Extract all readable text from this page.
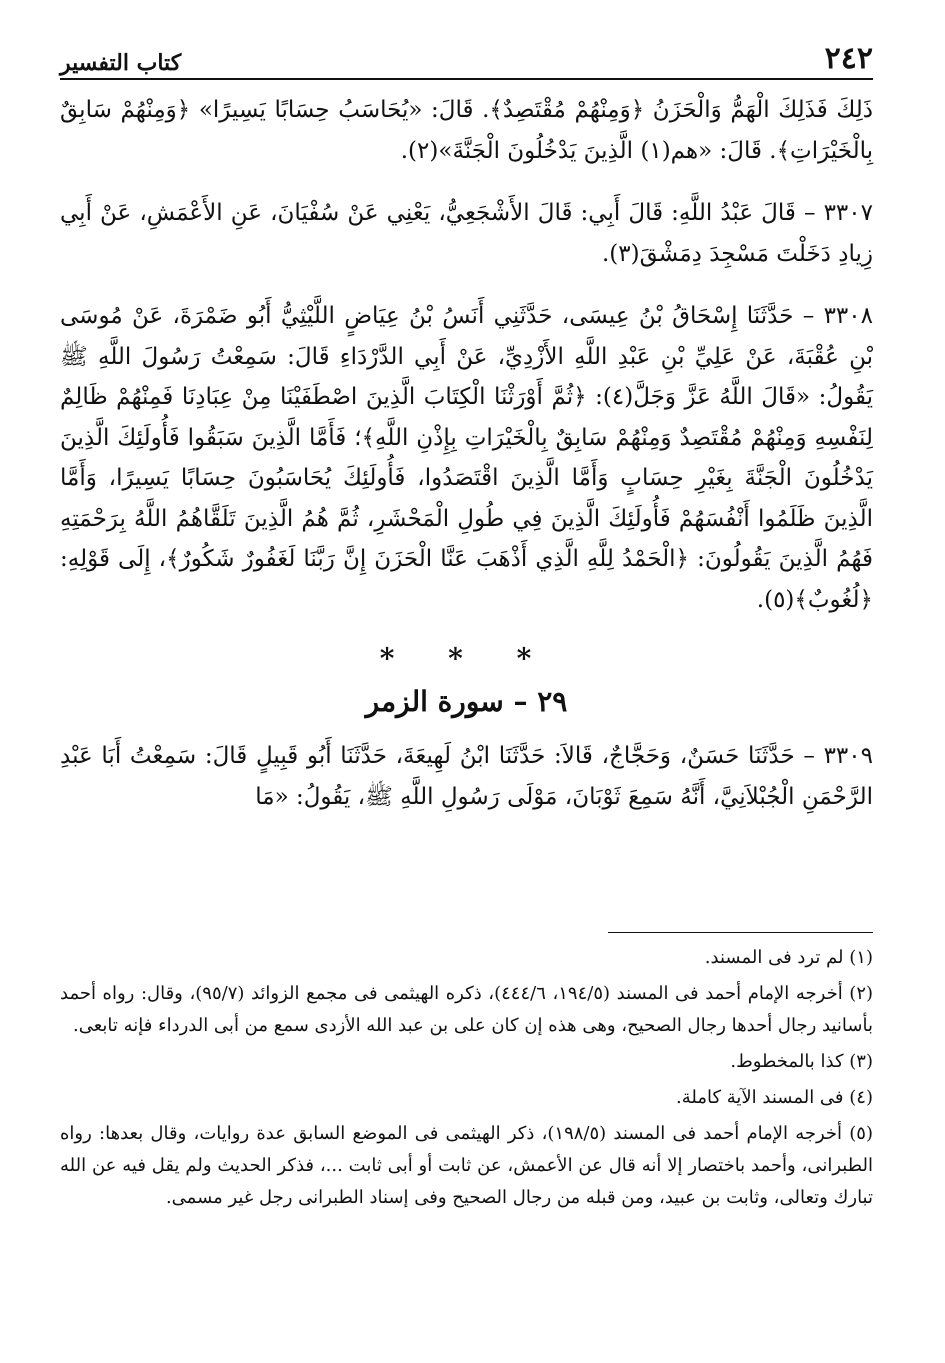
٢٤٢
كتاب التفسير

ذَلِكَ فَذَلِكَ الْهَمُّ وَالْحَزَنُ ﴿وَمِنْهُمْ مُقْتَصِدٌ﴾. قَالَ: «يُحَاسَبُ حِسَابًا يَسِيرًا» ﴿وَمِنْهُمْ سَابِقٌ بِالْخَيْرَاتِ﴾. قَالَ: «هم(١) الَّذِينَ يَدْخُلُونَ الْجَنَّةَ»(٢).

٣٣٠٧ – قَالَ عَبْدُ اللَّهِ: قَالَ أَبِي: قَالَ الأَشْجَعِيُّ، يَعْنِي عَنْ سُفْيَانَ، عَنِ الأَعْمَشِ، عَنْ أَبِي زِيادِ دَخَلْتَ مَسْجِدَ دِمَشْقَ(٣).

٣٣٠٨ – حَدَّثَنَا إِسْحَاقُ بْنُ عِيسَى، حَدَّثَنِي أَنَسُ بْنُ عِيَاضٍ اللَّيْثِيُّ أَبُو ضَمْرَةَ، عَنْ مُوسَى بْنِ عُقْبَةَ، عَنْ عَلِيِّ بْنِ عَبْدِ اللَّهِ الأَزْدِيِّ، عَنْ أَبِي الدَّرْدَاءِ قَالَ: سَمِعْتُ رَسُولَ اللَّهِ ﷺ يَقُولُ: «قَالَ اللَّهُ عَزَّ وَجَلَّ(٤): ﴿ثُمَّ أَوْرَثْنَا الْكِتَابَ الَّذِينَ اصْطَفَيْنَا مِنْ عِبَادِنَا فَمِنْهُمْ ظَالِمٌ لِنَفْسِهِ وَمِنْهُمْ مُقْتَصِدٌ وَمِنْهُمْ سَابِقٌ بِالْخَيْرَاتِ بِإِذْنِ اللَّهِ﴾؛ فَأَمَّا الَّذِينَ سَبَقُوا فَأُولَئِكَ الَّذِينَ يَدْخُلُونَ الْجَنَّةَ بِغَيْرِ حِسَابٍ وَأَمَّا الَّذِينَ اقْتَصَدُوا، فَأُولَئِكَ يُحَاسَبُونَ حِسَابًا يَسِيرًا، وَأَمَّا الَّذِينَ ظَلَمُوا أَنْفُسَهُمْ فَأُولَئِكَ الَّذِينَ فِي طُولِ الْمَحْشَرِ، ثُمَّ هُمُ الَّذِينَ تَلَقَّاهُمُ اللَّهُ بِرَحْمَتِهِ فَهُمُ الَّذِينَ يَقُولُونَ: ﴿الْحَمْدُ لِلَّهِ الَّذِي أَذْهَبَ عَنَّا الْحَزَنَ إِنَّ رَبَّنَا لَغَفُورٌ شَكُورٌ﴾، إِلَى قَوْلِهِ: ﴿لُغُوبٌ﴾(٥).

* * *
٢٩ – سورة الزمر

٣٣٠٩ – حَدَّثَنَا حَسَنٌ، وَحَجَّاجٌ، قَالاَ: حَدَّثَنَا ابْنُ لَهِيعَةَ، حَدَّثَنَا أَبُو قَبِيلٍ قَالَ: سَمِعْتُ أَبَا عَبْدِ الرَّحْمَنِ الْجُبْلاَنِيَّ، أَنَّهُ سَمِعَ ثَوْبَانَ، مَوْلَى رَسُولِ اللَّهِ ﷺ، يَقُولُ: «مَا

(١) لم ترد فى المسند.

(٢) أخرجه الإمام أحمد فى المسند (١٩٤/٥، ٤٤٤/٦)، ذكره الهيثمى فى مجمع الزوائد (٩٥/٧)، وقال: رواه أحمد بأسانيد رجال أحدها رجال الصحيح، وهى هذه إن كان على بن عبد الله الأزدى سمع من أبى الدرداء فإنه تابعى.

(٣) كذا بالمخطوط.

(٤) فى المسند الآية كاملة.

(٥) أخرجه الإمام أحمد فى المسند (١٩٨/٥)، ذكر الهيثمى فى الموضع السابق عدة روايات، وقال بعدها: رواه الطبرانى، وأحمد باختصار إلا أنه قال عن الأعمش، عن ثابت أو أبى ثابت ...، فذكر الحديث ولم يقل فيه عن الله تبارك وتعالى، وثابت بن عبيد، ومن قبله من رجال الصحيح وفى إسناد الطبرانى رجل غير مسمى.
